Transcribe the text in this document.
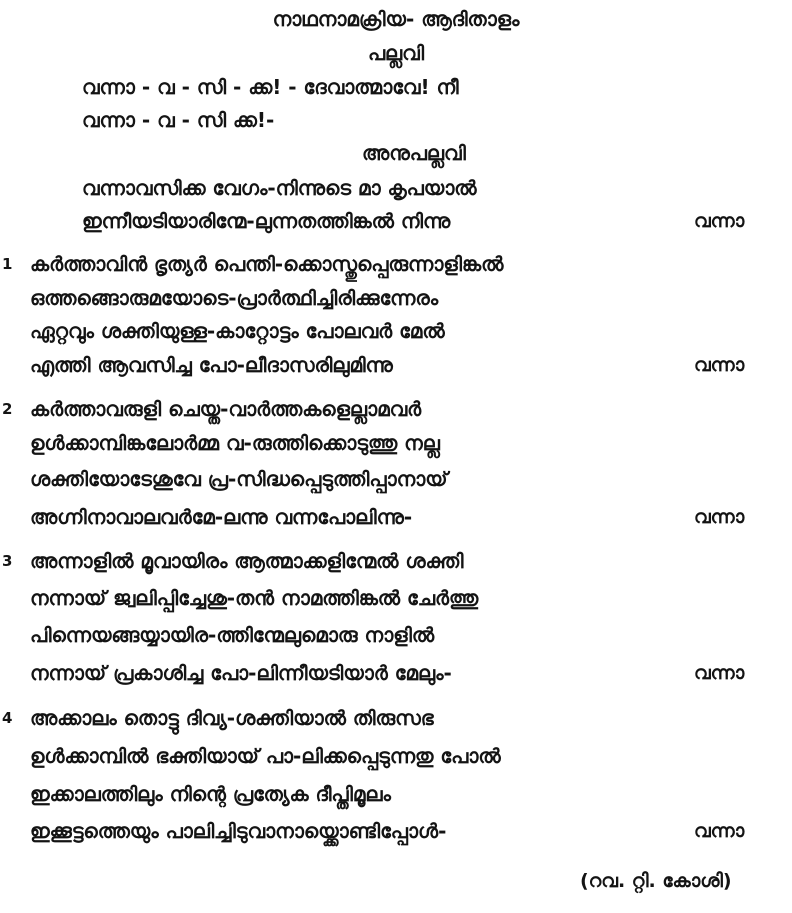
നാഥനാമക്രിയ- ആദിതാളം
പല്ലവി
വന്നാ - വ - സി - ക്ക! - ദേവാത്മാവേ! നീ
വന്നാ - വ - സി ക്ക!-
അനുപല്ലവി
വന്നാവസിക്ക വേഗം-നിന്നുടെ മാ കൃപയാൽ
ഇന്നീയടിയാരിന്മേ-ലുന്നതത്തിങ്കൽ നിന്നു	വന്നാ
1 കർത്താവിൻ ഭൃത്യർ പെന്തി-ക്കൊസ്തുപ്പെരുന്നാളിങ്കൽ
ഒത്തങ്ങൊരുമയോടെ-പ്രാർത്ഥിച്ചിരിക്കുന്നേരം
ഏറ്റവും ശക്തിയുള്ള-കാറ്റോട്ടം പോലവർ മേൽ
എത്തി ആവസിച്ച പോ-ലീദാസരിലുമിന്നു	വന്നാ
2 കർത്താവരുളി ചെയ്ത-വാർത്തകളെല്ലാമവർ
ഉൾക്കാമ്പിങ്കലോർമ്മ വ-രുത്തിക്കൊടുത്തു നല്ല
ശക്തിയോടേശുവേ പ്ര-സിദ്ധപ്പെടുത്തിപ്പാനായ്
അഗ്നിനാവാലവർമേ-ലന്നു വന്നപോലിന്നു-	വന്നാ
3 അന്നാളിൽ മൂവായിരം ആത്മാക്കളിന്മേൽ ശക്തി
നന്നായ് ജ്വലിപ്പിച്ചേശു-തൻ നാമത്തിങ്കൽ ചേർത്തു
പിന്നെയങ്ങയ്യായിര-ത്തിന്മേലുമൊരു നാളിൽ
നന്നായ് പ്രകാശിച്ച പോ-ലിന്നീയടിയാർ മേലും-	വന്നാ
4 അക്കാലം തൊട്ടു ദിവ്യ-ശക്തിയാൽ തിരുസഭ
ഉൾക്കാമ്പിൽ ഭക്തിയായ് പാ-ലിക്കപ്പെടുന്നതു പോൽ
ഇക്കാലത്തിലും നിന്റെ പ്രത്യേക ദീപ്തിമൂലം
ഇക്കൂട്ടത്തെയും പാലിച്ചിടുവാനായ്ക്കൊണ്ടിപ്പോൾ-	വന്നാ
(റവ. റ്റി. കോശി)
